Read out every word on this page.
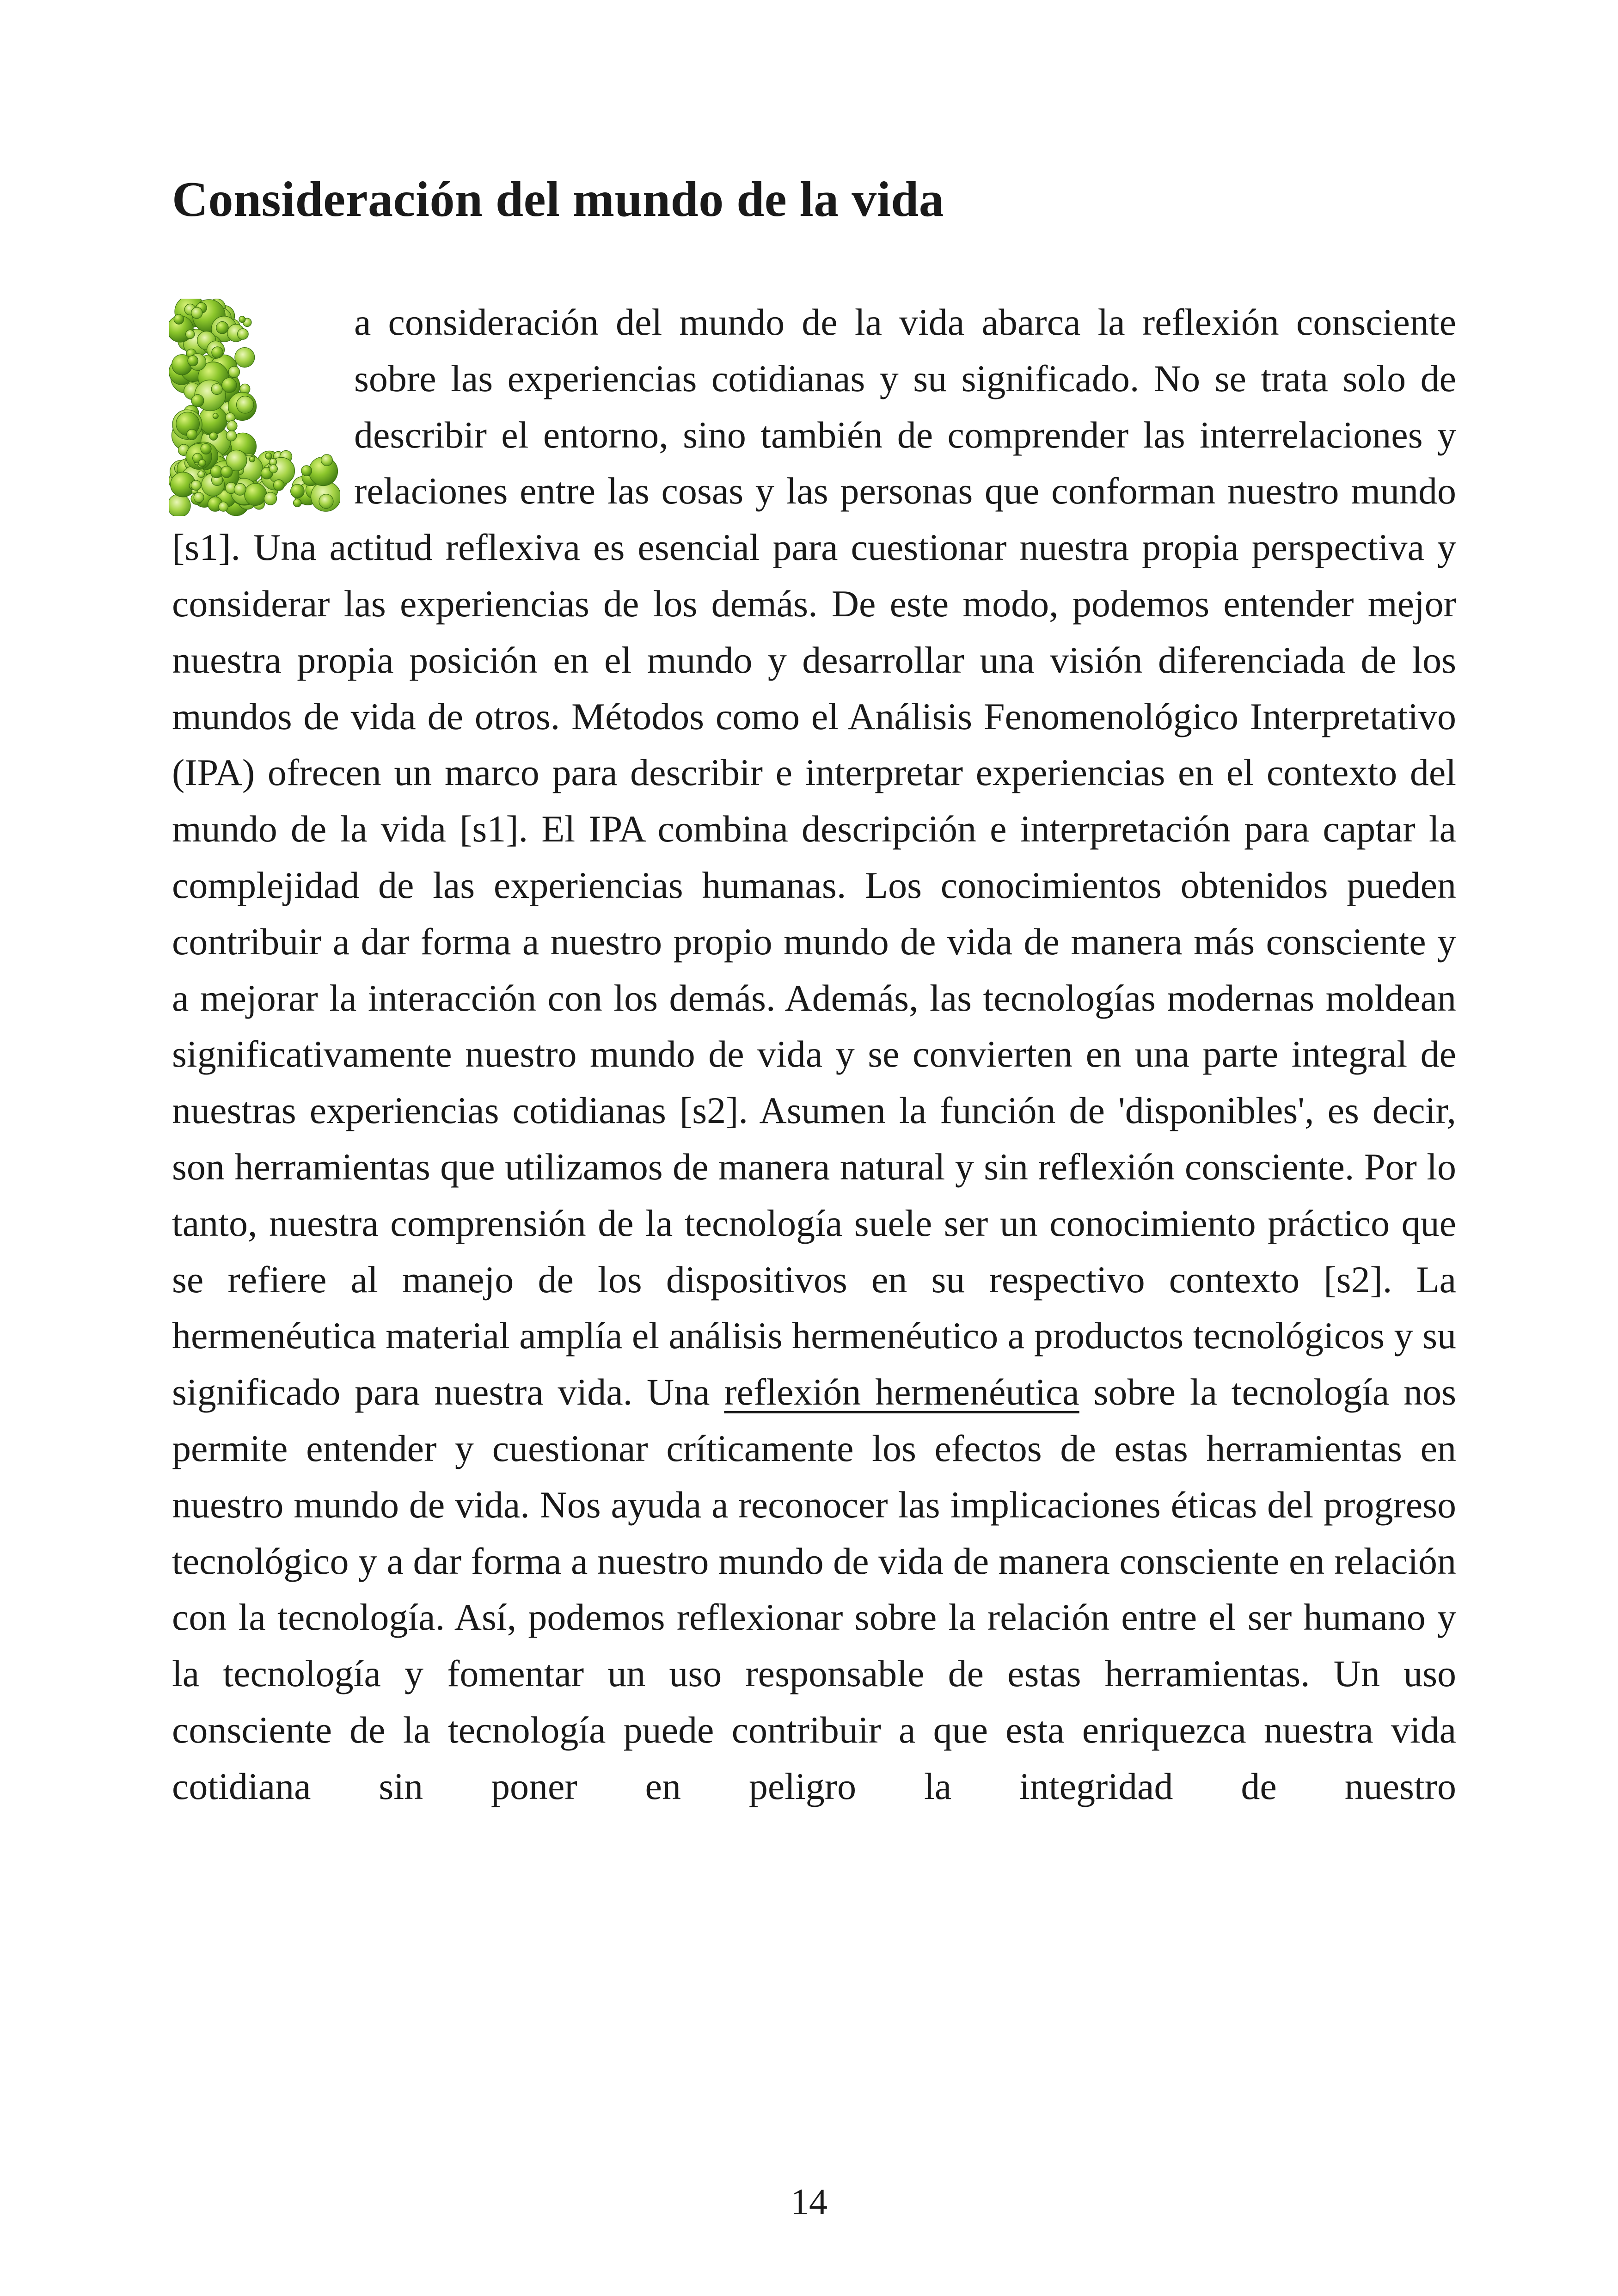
Consideración del mundo de la vida
a consideración del mundo de la vida abarca la reflexión consciente sobre las experiencias cotidianas y su significado. No se trata solo de describir el entorno, sino también de comprender las interrelaciones y relaciones entre las cosas y las personas que conforman nuestro mundo [s1]. Una actitud reflexiva es esencial para cuestionar nuestra propia perspectiva y considerar las experiencias de los demás. De este modo, podemos entender mejor nuestra propia posición en el mundo y desarrollar una visión diferenciada de los mundos de vida de otros. Métodos como el Análisis Fenomenológico Interpretativo (IPA) ofrecen un marco para describir e interpretar experiencias en el contexto del mundo de la vida [s1]. El IPA combina descripción e interpretación para captar la complejidad de las experiencias humanas. Los conocimientos obtenidos pueden contribuir a dar forma a nuestro propio mundo de vida de manera más consciente y a mejorar la interacción con los demás. Además, las tecnologías modernas moldean significativamente nuestro mundo de vida y se convierten en una parte integral de nuestras experiencias cotidianas [s2]. Asumen la función de 'disponibles', es decir, son herramientas que utilizamos de manera natural y sin reflexión consciente. Por lo tanto, nuestra comprensión de la tecnología suele ser un conocimiento práctico que se refiere al manejo de los dispositivos en su respectivo contexto [s2]. La hermenéutica material amplía el análisis hermenéutico a productos tecnológicos y su significado para nuestra vida. Una reflexión hermenéutica sobre la tecnología nos permite entender y cuestionar críticamente los efectos de estas herramientas en nuestro mundo de vida. Nos ayuda a reconocer las implicaciones éticas del progreso tecnológico y a dar forma a nuestro mundo de vida de manera consciente en relación con la tecnología. Así, podemos reflexionar sobre la relación entre el ser humano y la tecnología y fomentar un uso responsable de estas herramientas. Un uso consciente de la tecnología puede contribuir a que esta enriquezca nuestra vida cotidiana sin poner en peligro la integridad de nuestro
14
